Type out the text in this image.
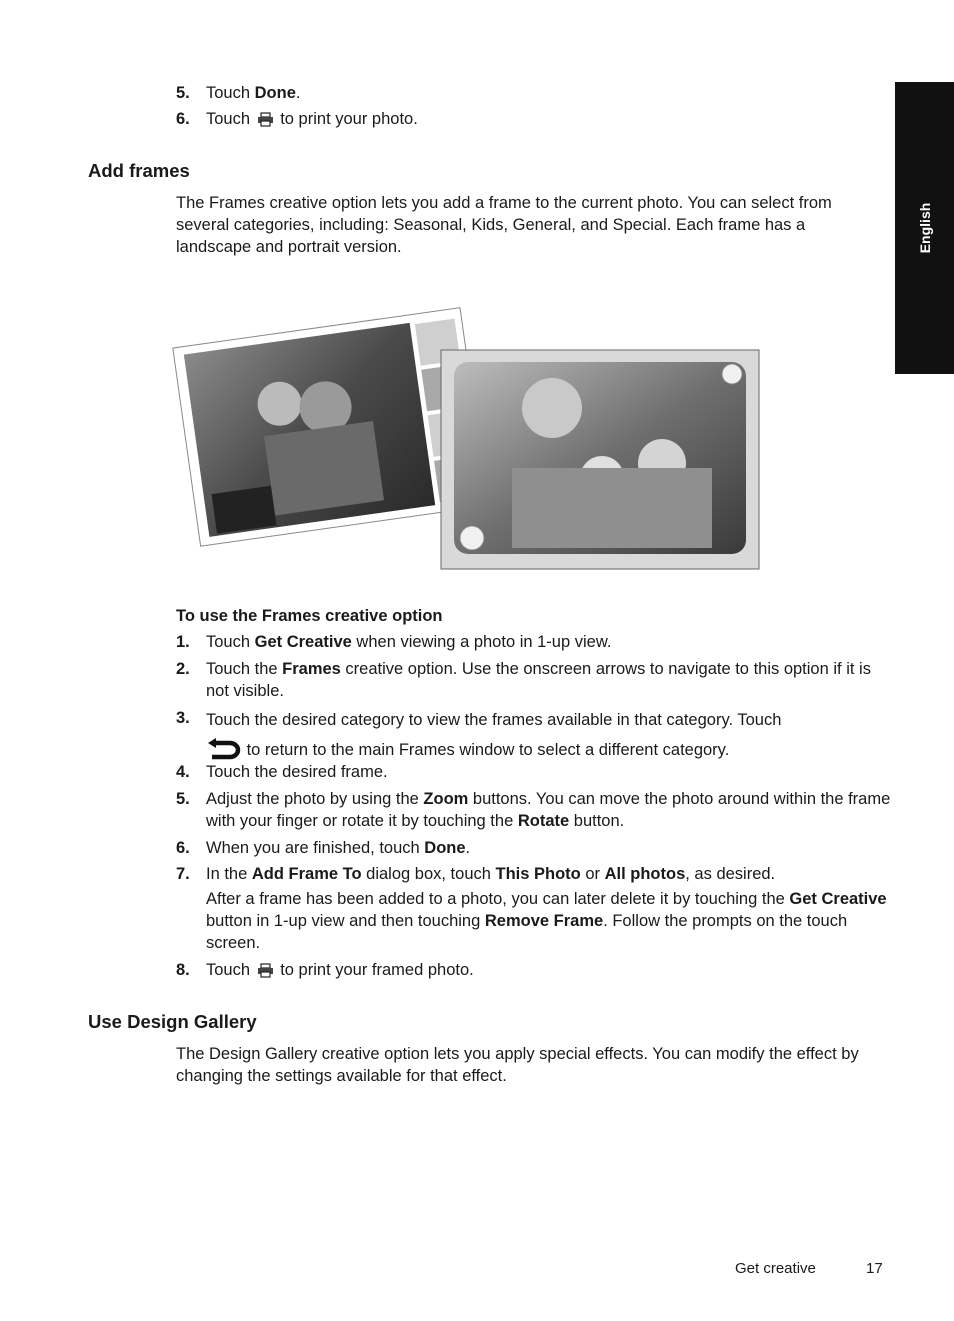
English
5. Touch Done.
6. Touch  to print your photo.
Add frames
The Frames creative option lets you add a frame to the current photo. You can select from several categories, including: Seasonal, Kids, General, and Special. Each frame has a landscape and portrait version.
To use the Frames creative option
1. Touch Get Creative when viewing a photo in 1-up view.
2. Touch the Frames creative option. Use the onscreen arrows to navigate to this option if it is not visible.
3. Touch the desired category to view the frames available in that category. Touch
to return to the main Frames window to select a different category.
4. Touch the desired frame.
5. Adjust the photo by using the Zoom buttons. You can move the photo around within the frame with your finger or rotate it by touching the Rotate button.
6. When you are finished, touch Done.
7. In the Add Frame To dialog box, touch This Photo or All photos, as desired.
After a frame has been added to a photo, you can later delete it by touching the Get Creative button in 1-up view and then touching Remove Frame. Follow the prompts on the touch screen.
8. Touch  to print your framed photo.
Use Design Gallery
The Design Gallery creative option lets you apply special effects. You can modify the effect by changing the settings available for that effect.
Get creative	17
